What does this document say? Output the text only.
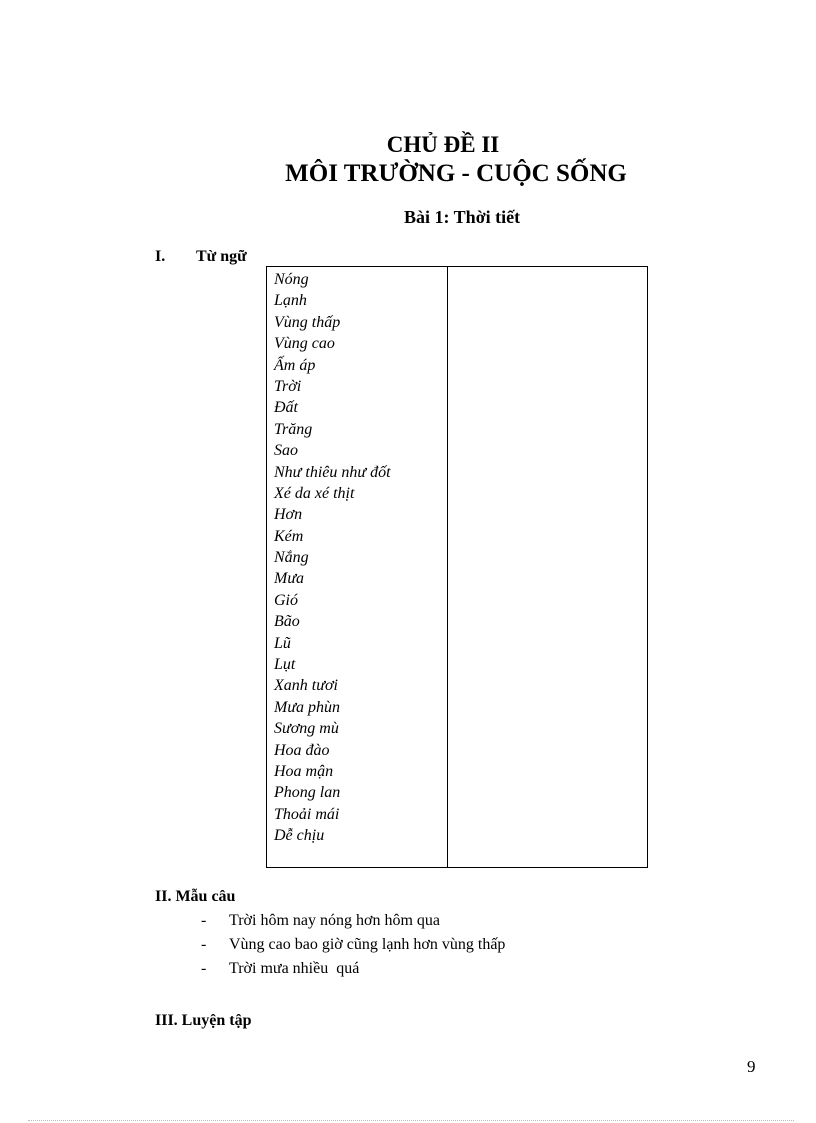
CHỦ ĐỀ II
MÔI TRƯỜNG - CUỘC SỐNG
Bài 1: Thời tiết
I. Từ ngữ
Nóng
Lạnh
Vùng thấp
Vùng cao
Ấm áp
Trời
Đất
Trăng
Sao
Như thiêu như đốt
Xé da xé thịt
Hơn
Kém
Nắng
Mưa
Gió
Bão
Lũ
Lụt
Xanh tươi
Mưa phùn
Sương mù
Hoa đào
Hoa mận
Phong lan
Thoải mái
Dễ chịu
II. Mẫu câu
-	Trời hôm nay nóng hơn hôm qua
-	Vùng cao bao giờ cũng lạnh hơn vùng thấp
-	Trời mưa nhiều  quá
III. Luyện tập
9
